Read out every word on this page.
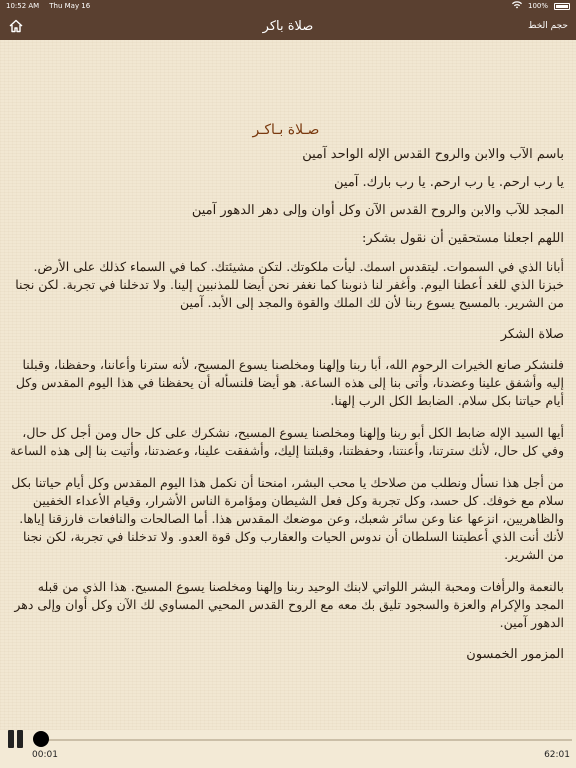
10:52 AM Thu May 16	100%
صلاة باكر	حجم الخط
صـلاة بـاكـر
باسم الآب والابن والروح القدس الإله الواحد آمين
يا رب ارحم. يا رب ارحم. يا رب بارك. آمين
المجد للآب والابن والروح القدس الآن وكل أوان وإلى دهر الدهور آمين
اللهم اجعلنا مستحقين أن نقول بشكر:
أبانا الذي في السموات. ليتقدس اسمك. ليأت ملكوتك. لتكن مشيئتك. كما في السماء كذلك على الأرض. خبزنا الذي للغد أعطنا اليوم. وأغفر لنا ذنوبنا كما نغفر نحن أيضا للمذنبين إلينا. ولا تدخلنا في تجربة. لكن نجنا من الشرير. بالمسيح يسوع ربنا لأن لك الملك والقوة والمجد إلى الأبد. آمين
صلاة الشكر
فلنشكر صانع الخيرات الرحوم الله، أبا ربنا وإلهنا ومخلصنا يسوع المسيح، لأنه سترنا وأعاننا، وحفظنا، وقبلنا إليه وأشفق علينا وعضدنا، وأتى بنا إلى هذه الساعة. هو أيضا فلنسأله أن يحفظنا في هذا اليوم المقدس وكل أيام حياتنا بكل سلام. الضابط الكل الرب إلهنا.
أيها السيد الإله ضابط الكل أبو ربنا وإلهنا ومخلصنا يسوع المسيح، نشكرك على كل حال ومن أجل كل حال، وفي كل حال، لأنك سترتنا، وأعنتنا، وحفظتنا، وقبلتنا إليك، وأشفقت علينا، وعضدتنا، وأتيت بنا إلى هذه الساعة
من أجل هذا نسأل ونطلب من صلاحك يا محب البشر، امنحنا أن نكمل هذا اليوم المقدس وكل أيام حياتنا بكل سلام مع خوفك. كل حسد، وكل تجربة وكل فعل الشيطان ومؤامرة الناس الأشرار، وقيام الأعداء الخفيين والظاهريين، انزعها عنا وعن سائر شعبك، وعن موضعك المقدس هذا. أما الصالحات والنافعات فارزقنا إياها. لأنك أنت الذي أعطيتنا السلطان أن ندوس الحيات والعقارب وكل قوة العدو. ولا تدخلنا في تجربة، لكن نجنا من الشرير.
بالنعمة والرأفات ومحبة البشر اللواتي لابنك الوحيد ربنا وإلهنا ومخلصنا يسوع المسيح. هذا الذي من قبله المجد والإكرام والعزة والسجود تليق بك معه مع الروح القدس المحيي المساوي لك الآن وكل أوان وإلى دهر الدهور آمين.
المزمور الخمسون
00:01	62:01
